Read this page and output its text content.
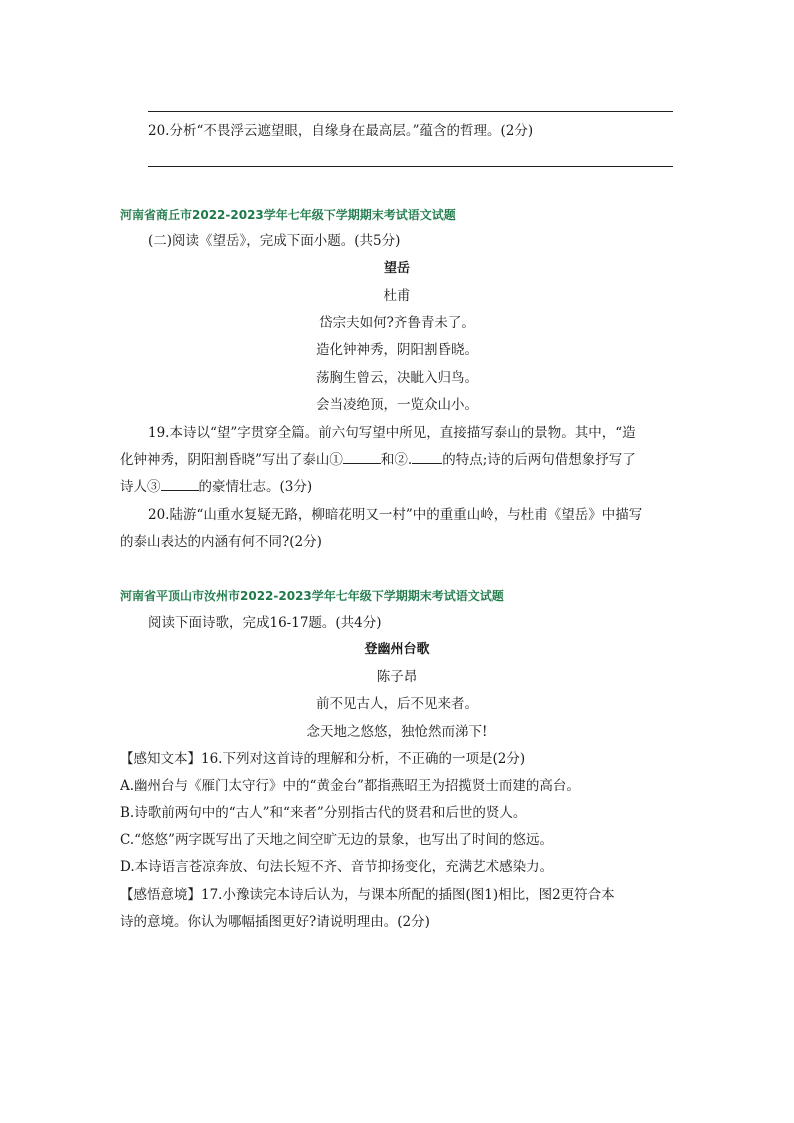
20.分析“不畏浮云遮望眼，自缘身在最高层。”蕴含的哲理。(2分)
河南省商丘市2022-2023学年七年级下学期期末考试语文试题
(二)阅读《望岳》，完成下面小题。(共5分)
望岳
杜甫
岱宗夫如何?齐鲁青未了。
造化钟神秀，阴阳割昏晓。
荡胸生曾云，决眦入归鸟。
会当凌绝顶，一览众山小。
19.本诗以“望”字贯穿全篇。前六句写望中所见，直接描写泰山的景物。其中，“造
化钟神秀，阴阳割昏晓”写出了泰山①	和②. 的特点;诗的后两句借想象抒写了
诗人③	的豪情壮志。(3分)
20.陆游“山重水复疑无路，柳暗花明又一村”中的重重山岭，与杜甫《望岳》中描写
的泰山表达的内涵有何不同?(2分)
河南省平顶山市汝州市2022-2023学年七年级下学期期末考试语文试题
阅读下面诗歌，完成16-17题。(共4分)
登幽州台歌
陈子昂
前不见古人，后不见来者。
念天地之悠悠，独怆然而涕下!
【感知文本】16.下列对这首诗的理解和分析，不正确的一项是(2分)
A.幽州台与《雁门太守行》中的“黄金台”都指燕昭王为招揽贤士而建的高台。
B.诗歌前两句中的“古人”和“来者”分别指古代的贤君和后世的贤人。
C.“悠悠”两字既写出了天地之间空旷无边的景象，也写出了时间的悠远。
D.本诗语言苍凉奔放、句法长短不齐、音节抑扬变化，充满艺术感染力。
【感悟意境】17.小豫读完本诗后认为，与课本所配的插图(图1)相比，图2更符合本
诗的意境。你认为哪幅插图更好?请说明理由。(2分)
